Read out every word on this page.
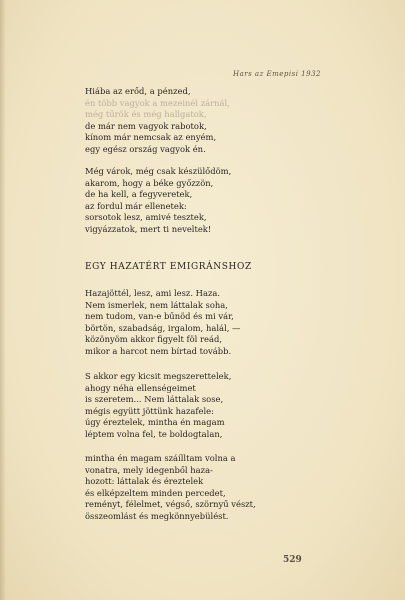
Hars az Emepisi 1932
Hiába az erőd, a pénzed,
én több vagyok a mezeinél zárnál,
még tűrök és még hallgatok,
de már nem vagyok rabotok,
kínom már nemcsak az enyém,
egy egész ország vagyok én.
Még várok, még csak készülődöm,
akarom, hogy a béke győzzön,
de ha kell, a fegyveretek,
az fordul már ellenetek:
sorsotok lesz, amivé tesztek,
vigyázzatok, mert ti neveltek!
EGY HAZATÉRT EMIGRÁNSHOZ
Hazajöttél, lesz, ami lesz. Haza.
Nem ismerlek, nem láttalak soha,
nem tudom, van-e bűnöd és mi vár,
börtön, szabadság, irgalom, halál, —
közönyöm akkor figyelt föl reád,
mikor a harcot nem bírtad tovább.
S akkor egy kicsit megszerettelek,
ahogy néha ellenségeimet
is szeretem... Nem láttalak sose,
mégis együtt jöttünk hazafele:
úgy éreztelek, mintha én magam
léptem volna fel, te boldogtalan,
mintha én magam száílltam volna a
vonatra, mely idegenből haza-
hozott: láttalak és éreztelek
és elképzeltem minden percedet,
reményt, félelmet, végső, szörnyű vészt,
összeomlást és megkönnyebülést.
529
